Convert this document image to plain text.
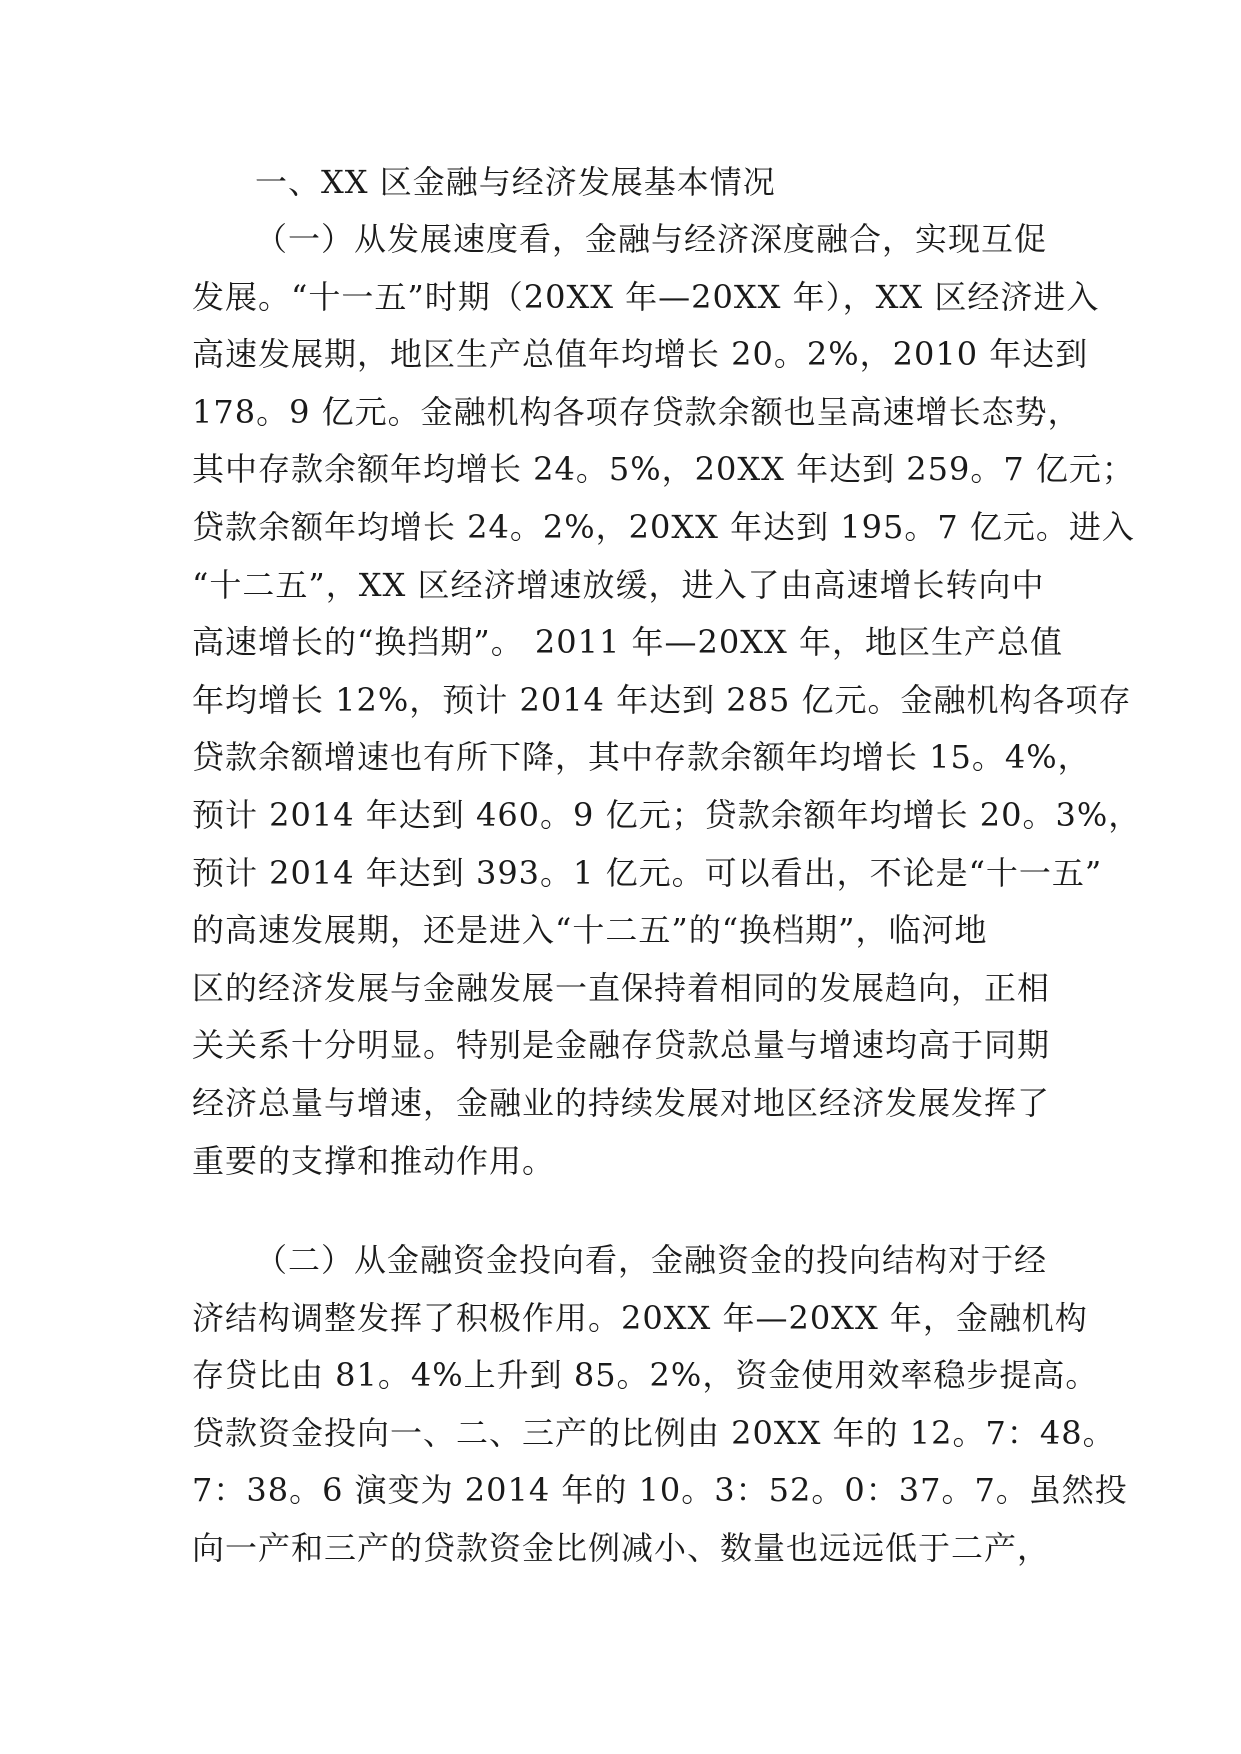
一、XX 区金融与经济发展基本情况
（一）从发展速度看，金融与经济深度融合，实现互促
发展。“十一五”时期（20XX 年—20XX 年），XX 区经济进入
高速发展期，地区生产总值年均增长 20。2%，2010 年达到
178。9 亿元。金融机构各项存贷款余额也呈高速增长态势，
其中存款余额年均增长 24。5%，20XX 年达到 259。7 亿元；
贷款余额年均增长 24。2%，20XX 年达到 195。7 亿元。进入
“十二五”，XX 区经济增速放缓，进入了由高速增长转向中
高速增长的“换挡期”。 2011 年—20XX 年，地区生产总值
年均增长 12%，预计 2014 年达到 285 亿元。金融机构各项存
贷款余额增速也有所下降，其中存款余额年均增长 15。4%，
预计 2014 年达到 460。9 亿元；贷款余额年均增长 20。3%，
预计 2014 年达到 393。1 亿元。可以看出，不论是“十一五”
的高速发展期，还是进入“十二五”的“换档期”，临河地
区的经济发展与金融发展一直保持着相同的发展趋向，正相
关关系十分明显。特别是金融存贷款总量与增速均高于同期
经济总量与增速，金融业的持续发展对地区经济发展发挥了
重要的支撑和推动作用。
（二）从金融资金投向看，金融资金的投向结构对于经
济结构调整发挥了积极作用。20XX 年—20XX 年，金融机构
存贷比由 81。4%上升到 85。2%，资金使用效率稳步提高。
贷款资金投向一、二、三产的比例由 20XX 年的 12。7：48。
7：38。6 演变为 2014 年的 10。3：52。0：37。7。虽然投
向一产和三产的贷款资金比例减小、数量也远远低于二产，
